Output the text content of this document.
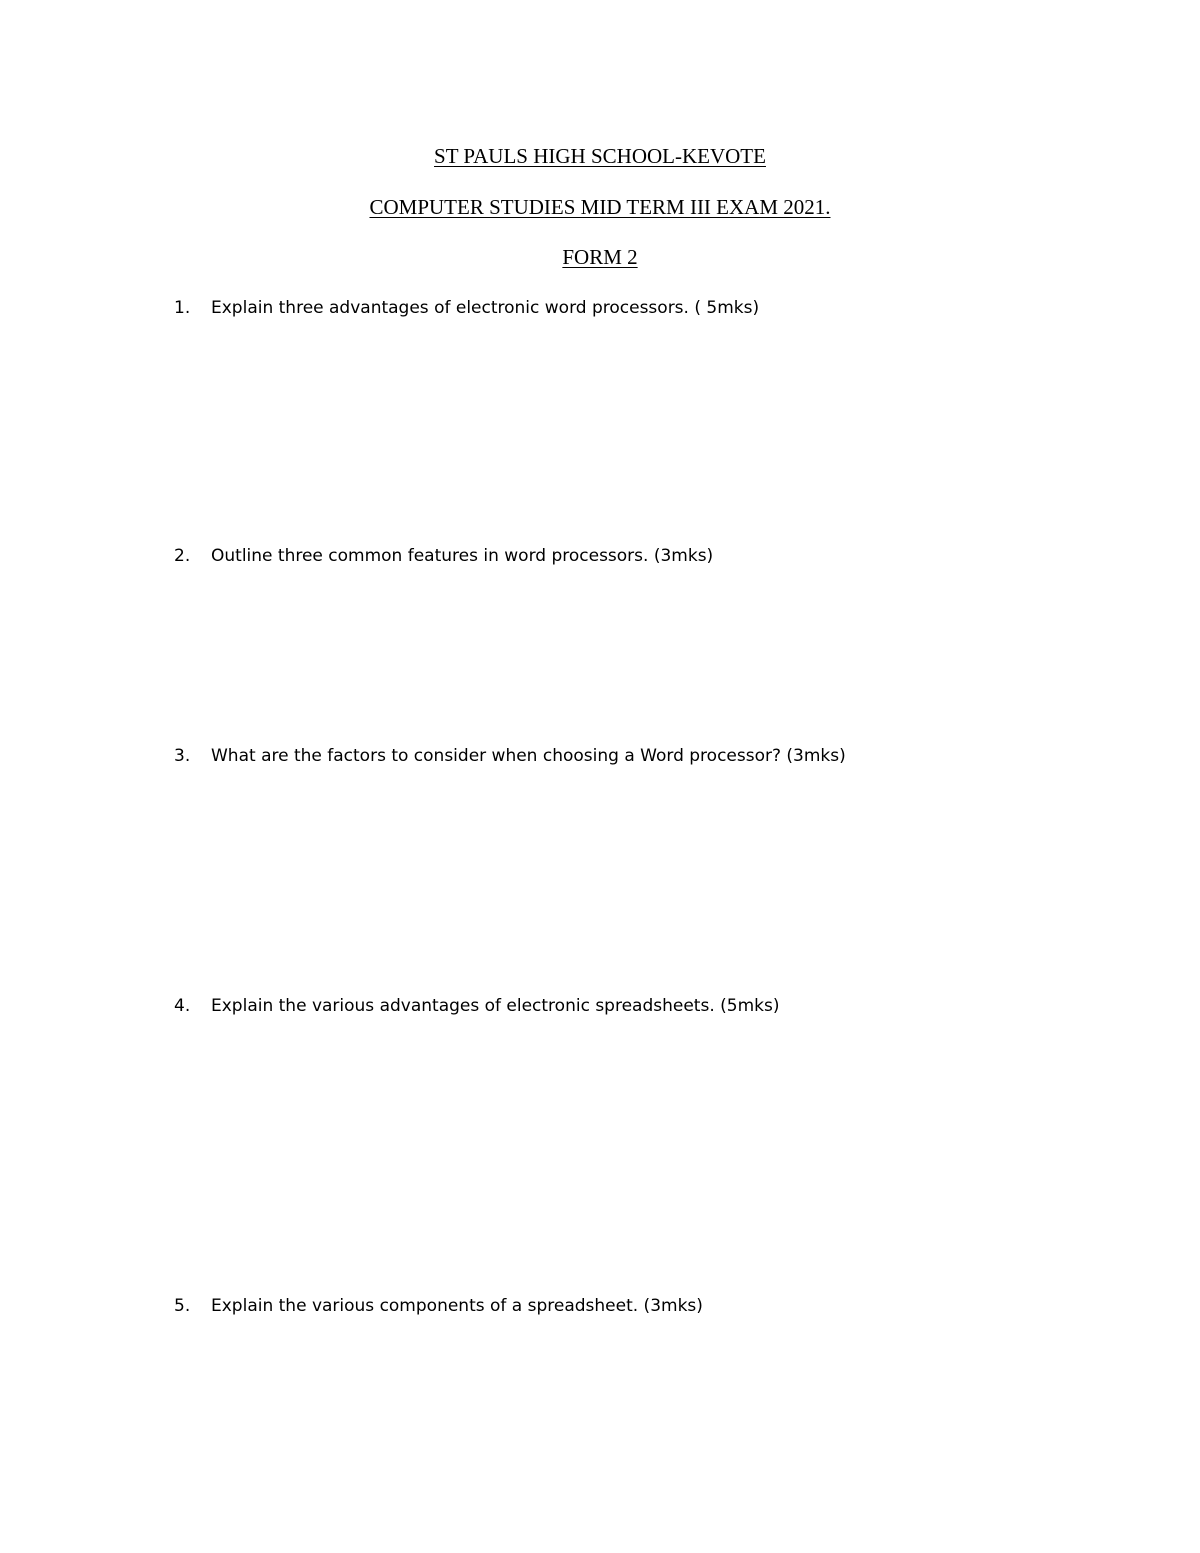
ST PAULS HIGH SCHOOL-KEVOTE
COMPUTER STUDIES MID TERM III EXAM 2021.
FORM 2
1. Explain three advantages of electronic word processors. ( 5mks)
2. Outline three common features in word processors. (3mks)
3. What are the factors to consider when choosing a Word processor? (3mks)
4. Explain the various advantages of electronic spreadsheets. (5mks)
5. Explain the various components of a spreadsheet. (3mks)
